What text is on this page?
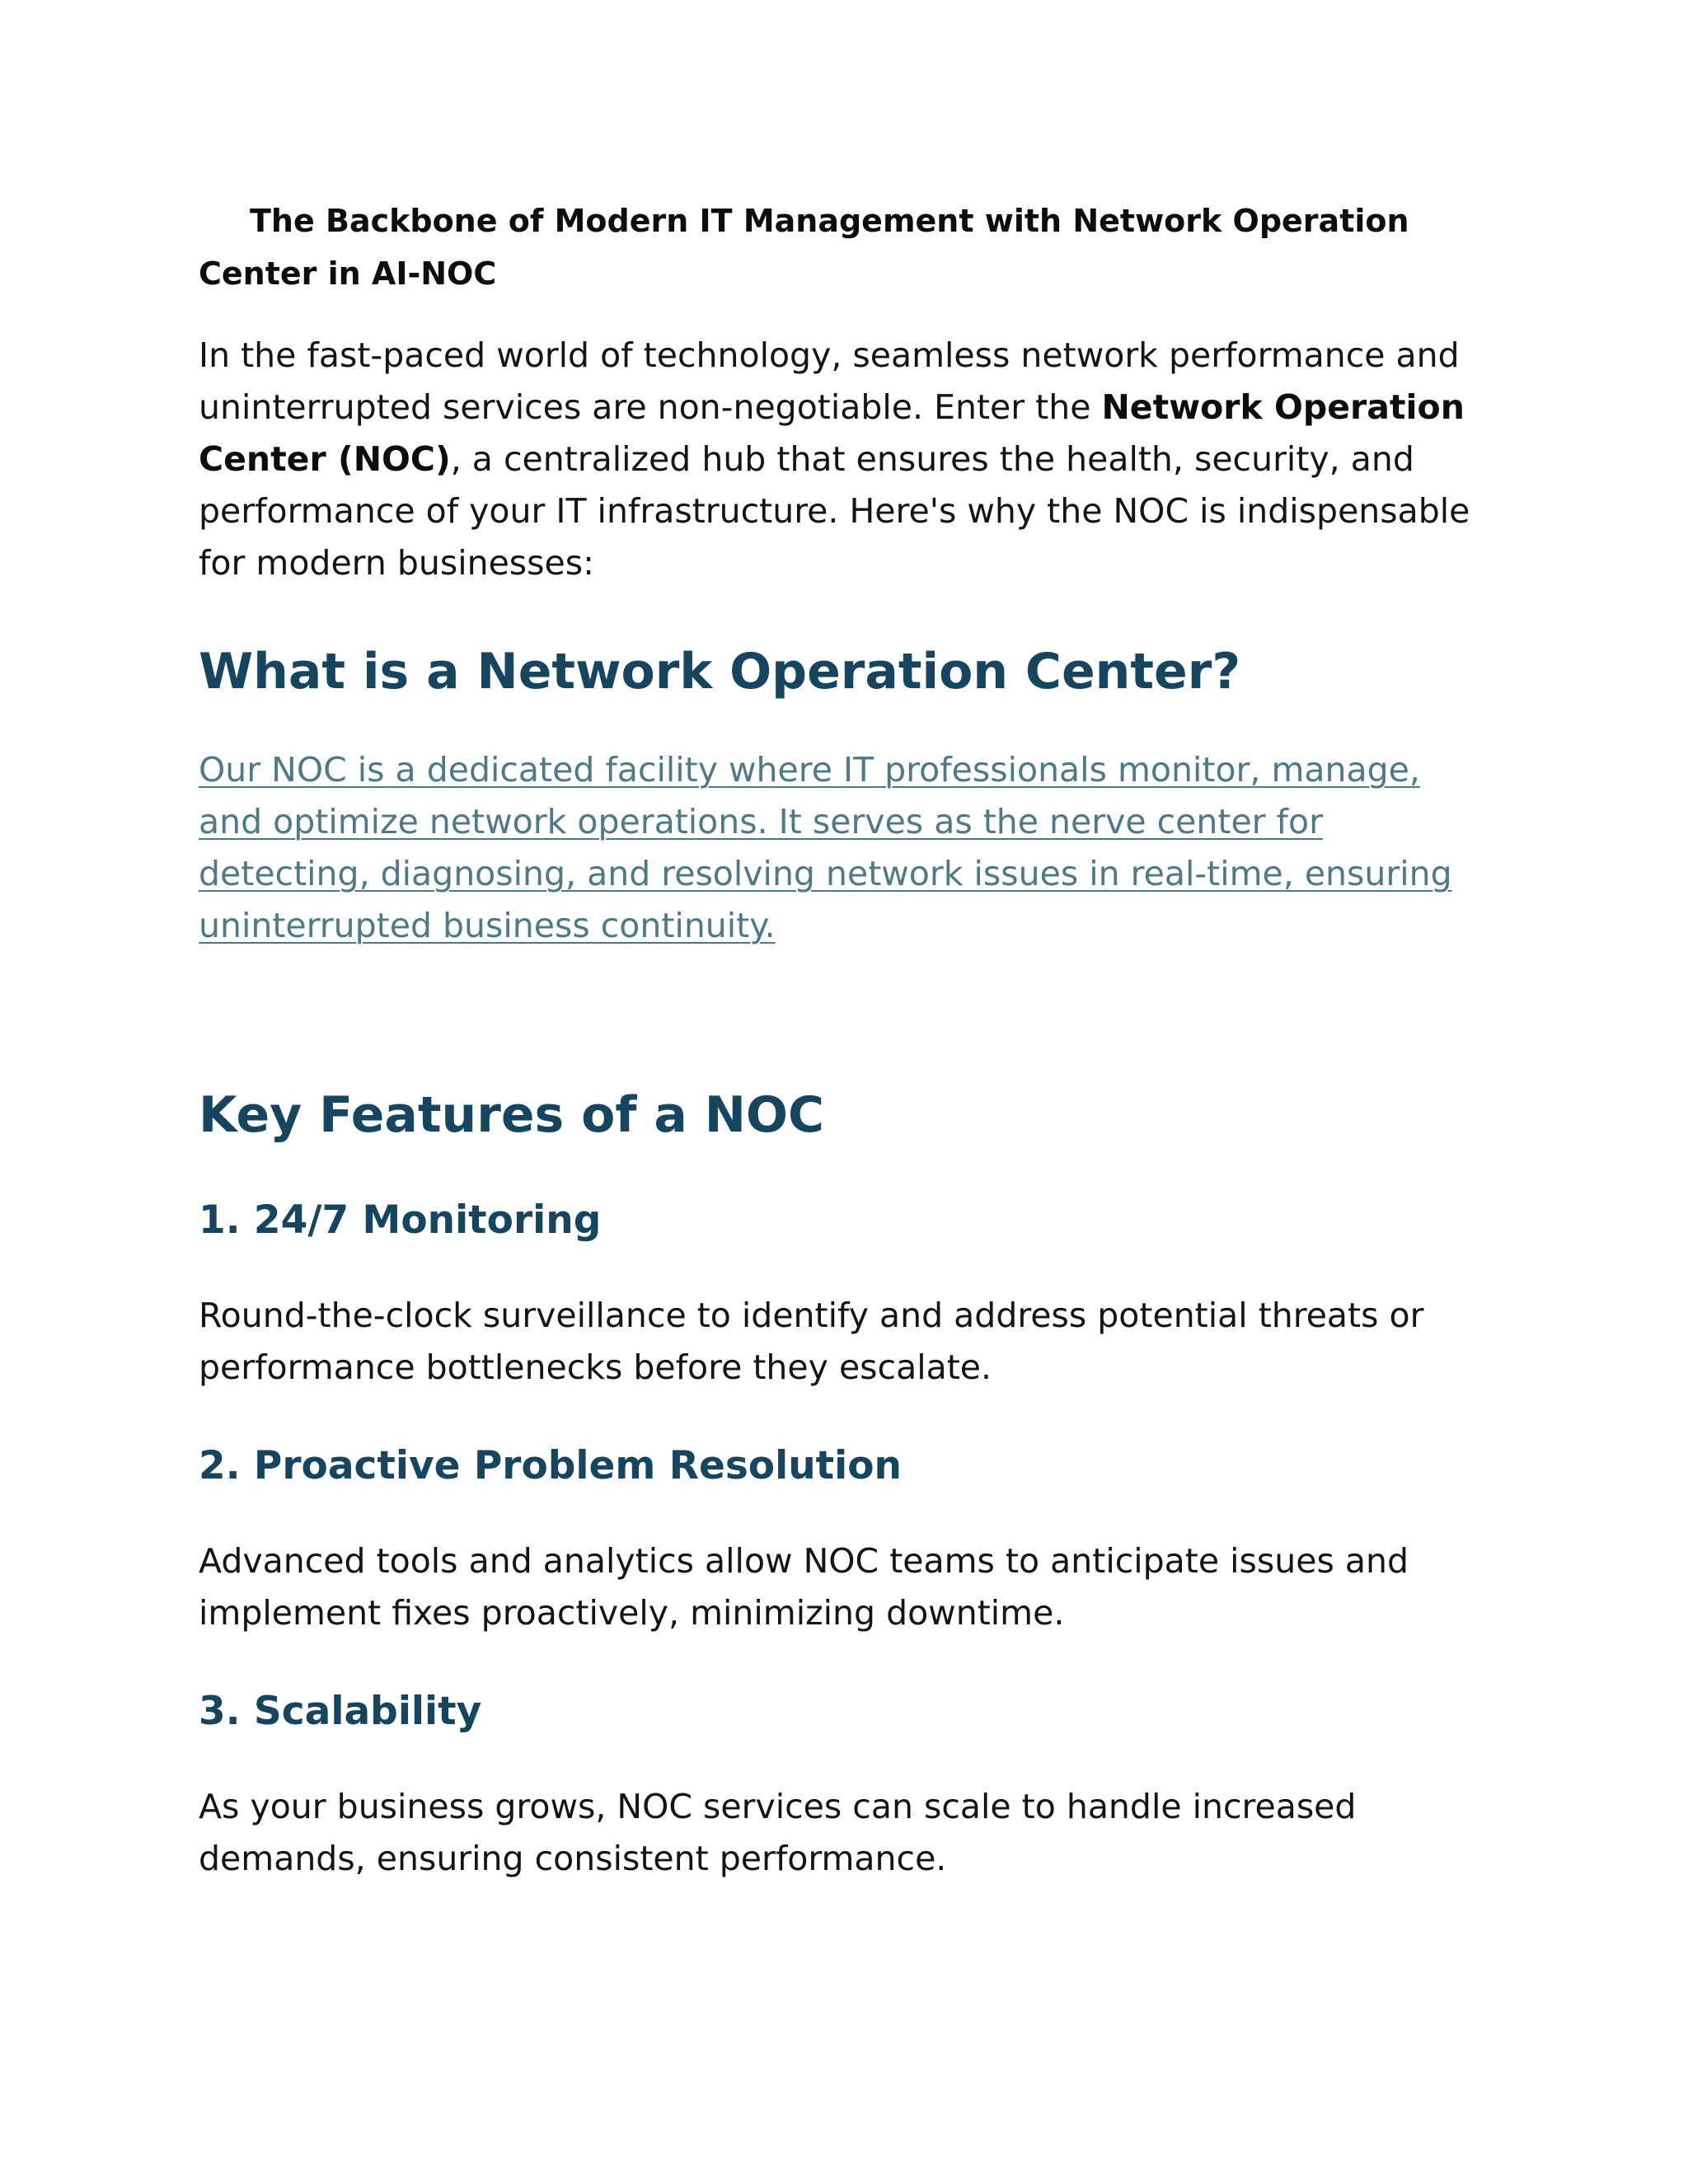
The Backbone of Modern IT Management with Network Operation Center in AI-NOC

In the fast-paced world of technology, seamless network performance and uninterrupted services are non-negotiable. Enter the Network Operation Center (NOC), a centralized hub that ensures the health, security, and performance of your IT infrastructure. Here's why the NOC is indispensable for modern businesses:

What is a Network Operation Center?

Our NOC is a dedicated facility where IT professionals monitor, manage, and optimize network operations. It serves as the nerve center for detecting, diagnosing, and resolving network issues in real-time, ensuring uninterrupted business continuity.

Key Features of a NOC
1. 24/7 Monitoring

Round-the-clock surveillance to identify and address potential threats or performance bottlenecks before they escalate.

2. Proactive Problem Resolution

Advanced tools and analytics allow NOC teams to anticipate issues and implement fixes proactively, minimizing downtime.

3. Scalability

As your business grows, NOC services can scale to handle increased demands, ensuring consistent performance.
